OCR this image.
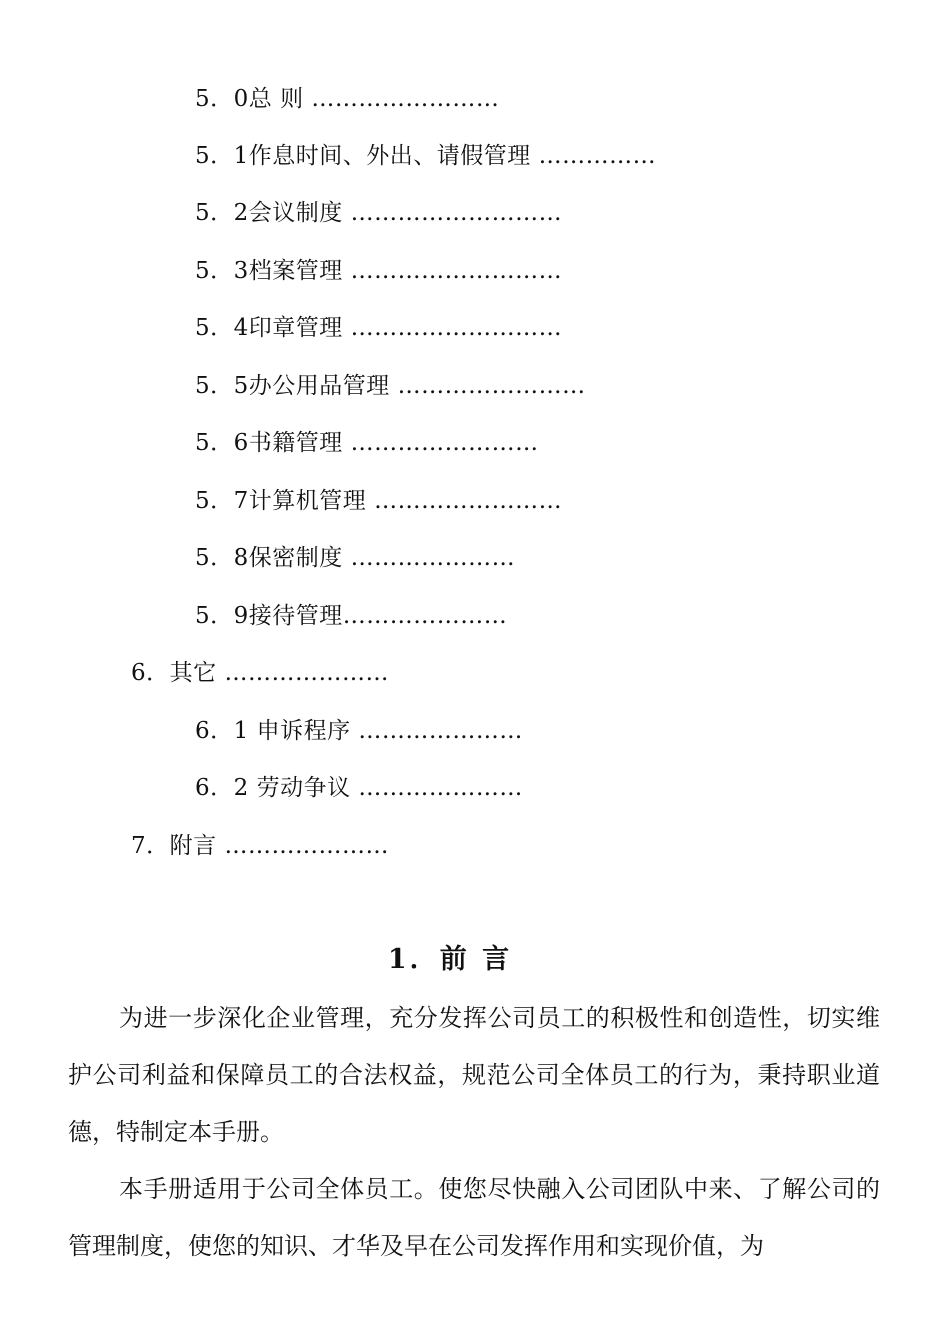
5．0总 则 ……………………
5．1作息时间、外出、请假管理 ……………
5．2会议制度 ………………………
5．3档案管理 ………………………
5．4印章管理 ………………………
5．5办公用品管理 ……………………
5．6书籍管理 ……………………
5．7计算机管理 ……………………
5．8保密制度 …………………
5．9接待管理…………………
6．其它 …………………
6．1 申诉程序 …………………
6．2 劳动争议 …………………
7．附言 …………………
1．前 言

为进一步深化企业管理，充分发挥公司员工的积极性和创造性，切实维护公司利益和保障员工的合法权益，规范公司全体员工的行为，秉持职业道德，特制定本手册。

本手册适用于公司全体员工。使您尽快融入公司团队中来、了解公司的管理制度，使您的知识、才华及早在公司发挥作用和实现价值，为
